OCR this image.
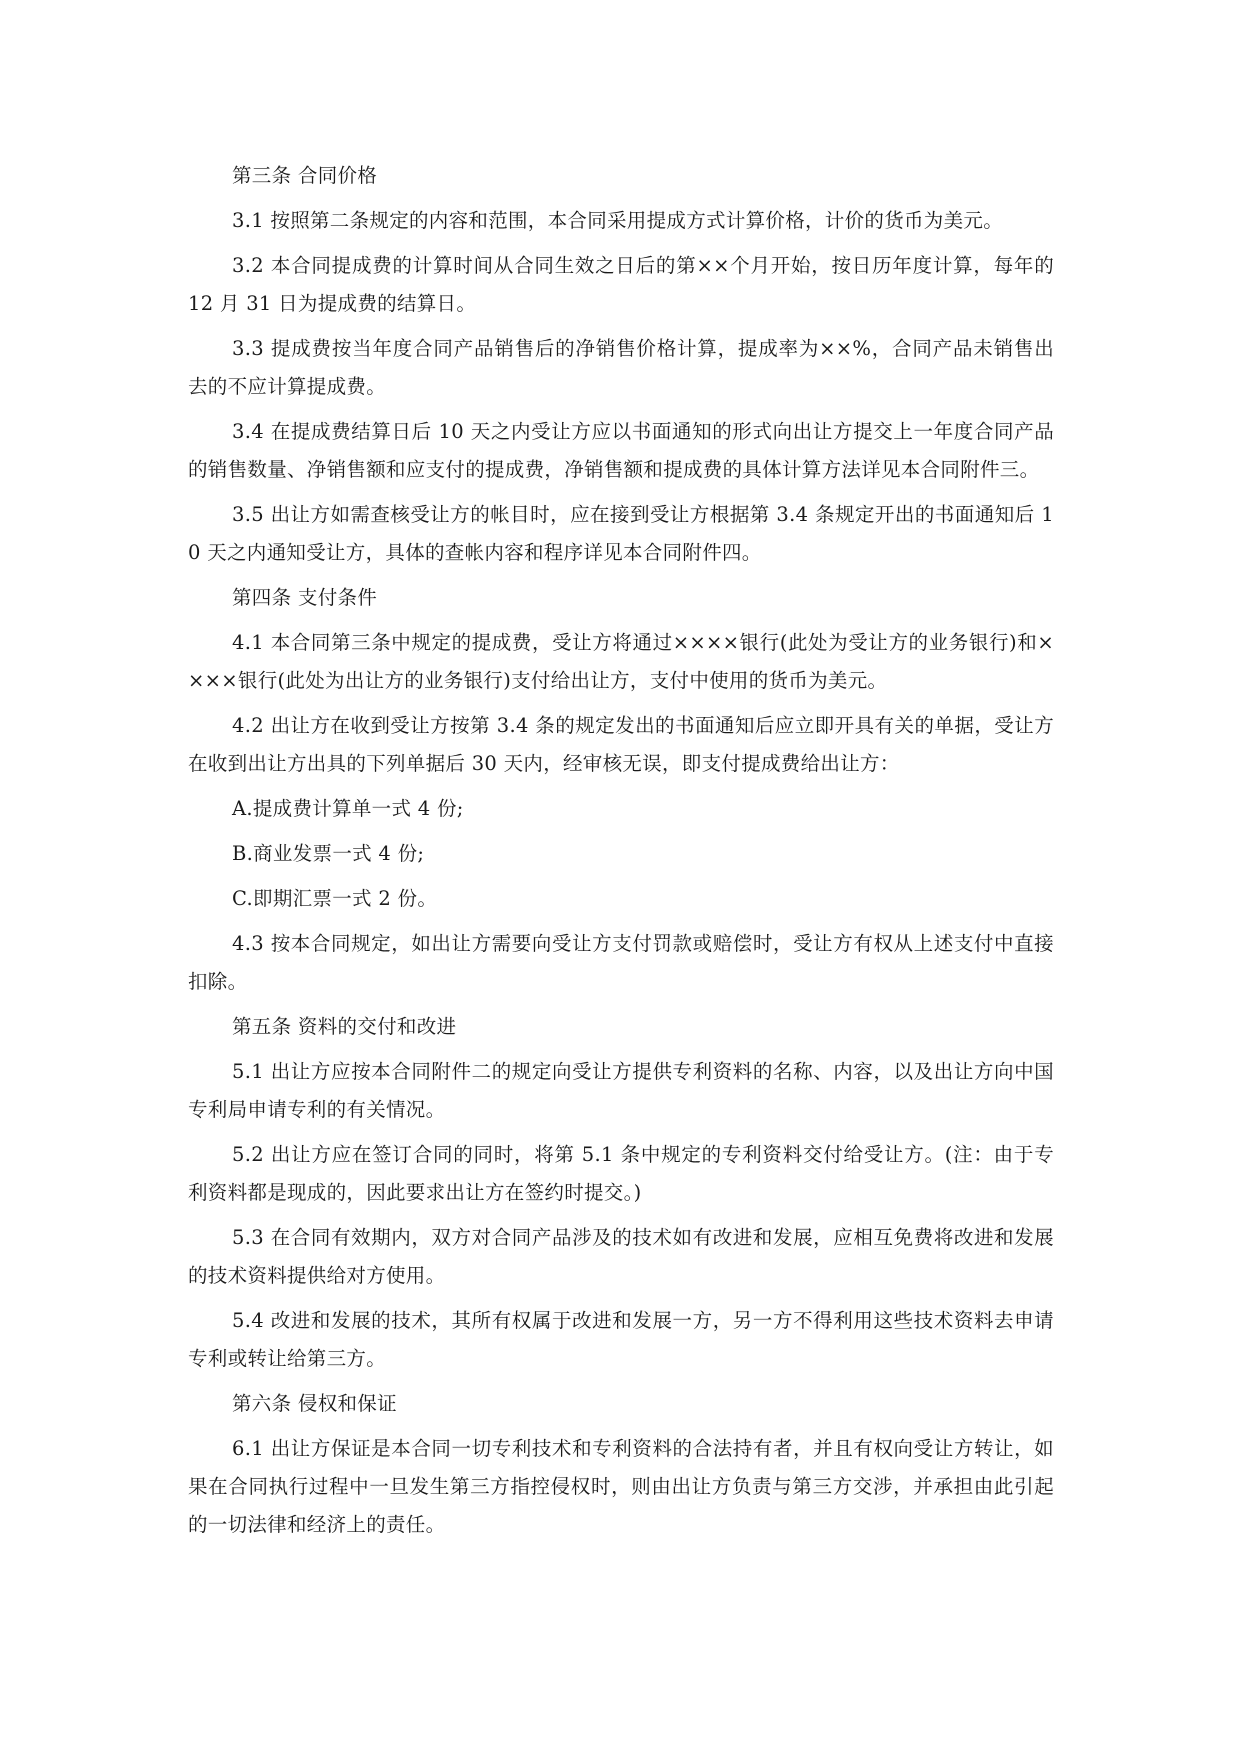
第三条 合同价格

3.1 按照第二条规定的内容和范围，本合同采用提成方式计算价格，计价的货币为美元。

3.2 本合同提成费的计算时间从合同生效之日后的第××个月开始，按日历年度计算，每年的 12 月 31 日为提成费的结算日。

3.3 提成费按当年度合同产品销售后的净销售价格计算，提成率为××%，合同产品未销售出去的不应计算提成费。

3.4 在提成费结算日后 10 天之内受让方应以书面通知的形式向出让方提交上一年度合同产品的销售数量、净销售额和应支付的提成费，净销售额和提成费的具体计算方法详见本合同附件三。

3.5 出让方如需查核受让方的帐目时，应在接到受让方根据第 3.4 条规定开出的书面通知后 10 天之内通知受让方，具体的查帐内容和程序详见本合同附件四。

第四条 支付条件

4.1 本合同第三条中规定的提成费，受让方将通过××××银行(此处为受让方的业务银行)和××××银行(此处为出让方的业务银行)支付给出让方，支付中使用的货币为美元。

4.2 出让方在收到受让方按第 3.4 条的规定发出的书面通知后应立即开具有关的单据，受让方在收到出让方出具的下列单据后 30 天内，经审核无误，即支付提成费给出让方：

A.提成费计算单一式 4 份;

B.商业发票一式 4 份;

C.即期汇票一式 2 份。

4.3 按本合同规定，如出让方需要向受让方支付罚款或赔偿时，受让方有权从上述支付中直接扣除。

第五条 资料的交付和改进

5.1 出让方应按本合同附件二的规定向受让方提供专利资料的名称、内容，以及出让方向中国专利局申请专利的有关情况。

5.2 出让方应在签订合同的同时，将第 5.1 条中规定的专利资料交付给受让方。(注：由于专利资料都是现成的，因此要求出让方在签约时提交。)

5.3 在合同有效期内，双方对合同产品涉及的技术如有改进和发展，应相互免费将改进和发展的技术资料提供给对方使用。

5.4 改进和发展的技术，其所有权属于改进和发展一方，另一方不得利用这些技术资料去申请专利或转让给第三方。

第六条 侵权和保证

6.1 出让方保证是本合同一切专利技术和专利资料的合法持有者，并且有权向受让方转让，如果在合同执行过程中一旦发生第三方指控侵权时，则由出让方负责与第三方交涉，并承担由此引起的一切法律和经济上的责任。
